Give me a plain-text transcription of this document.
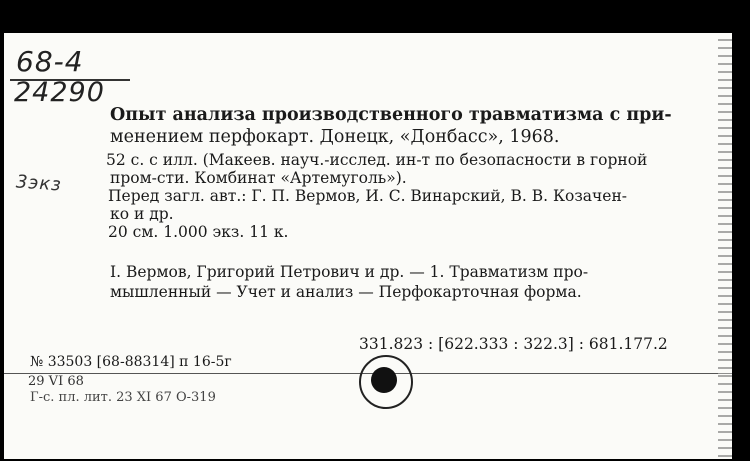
68-4
24290
3экз
Опыт анализа производственного травматизма с при-
менением перфокарт. Донецк, «Донбасс», 1968.
52 с. с илл. (Макеев. науч.-исслед. ин-т по безопасности в горной
пром-сти. Комбинат «Артемуголь»).
Перед загл. авт.: Г. П. Вермов, И. С. Винарский, В. В. Козачен-
ко и др.
20 см. 1.000 экз. 11 к.
I. Вермов, Григорий Петрович и др. — 1. Травматизм про-
мышленный — Учет и анализ — Перфокарточная форма.
331.823 : [622.333 : 322.3] : 681.177.2
№ 33503 [68-88314] п 16-5г
29 VI 68
Г-с. пл. лит. 23 XI 67 О-319
